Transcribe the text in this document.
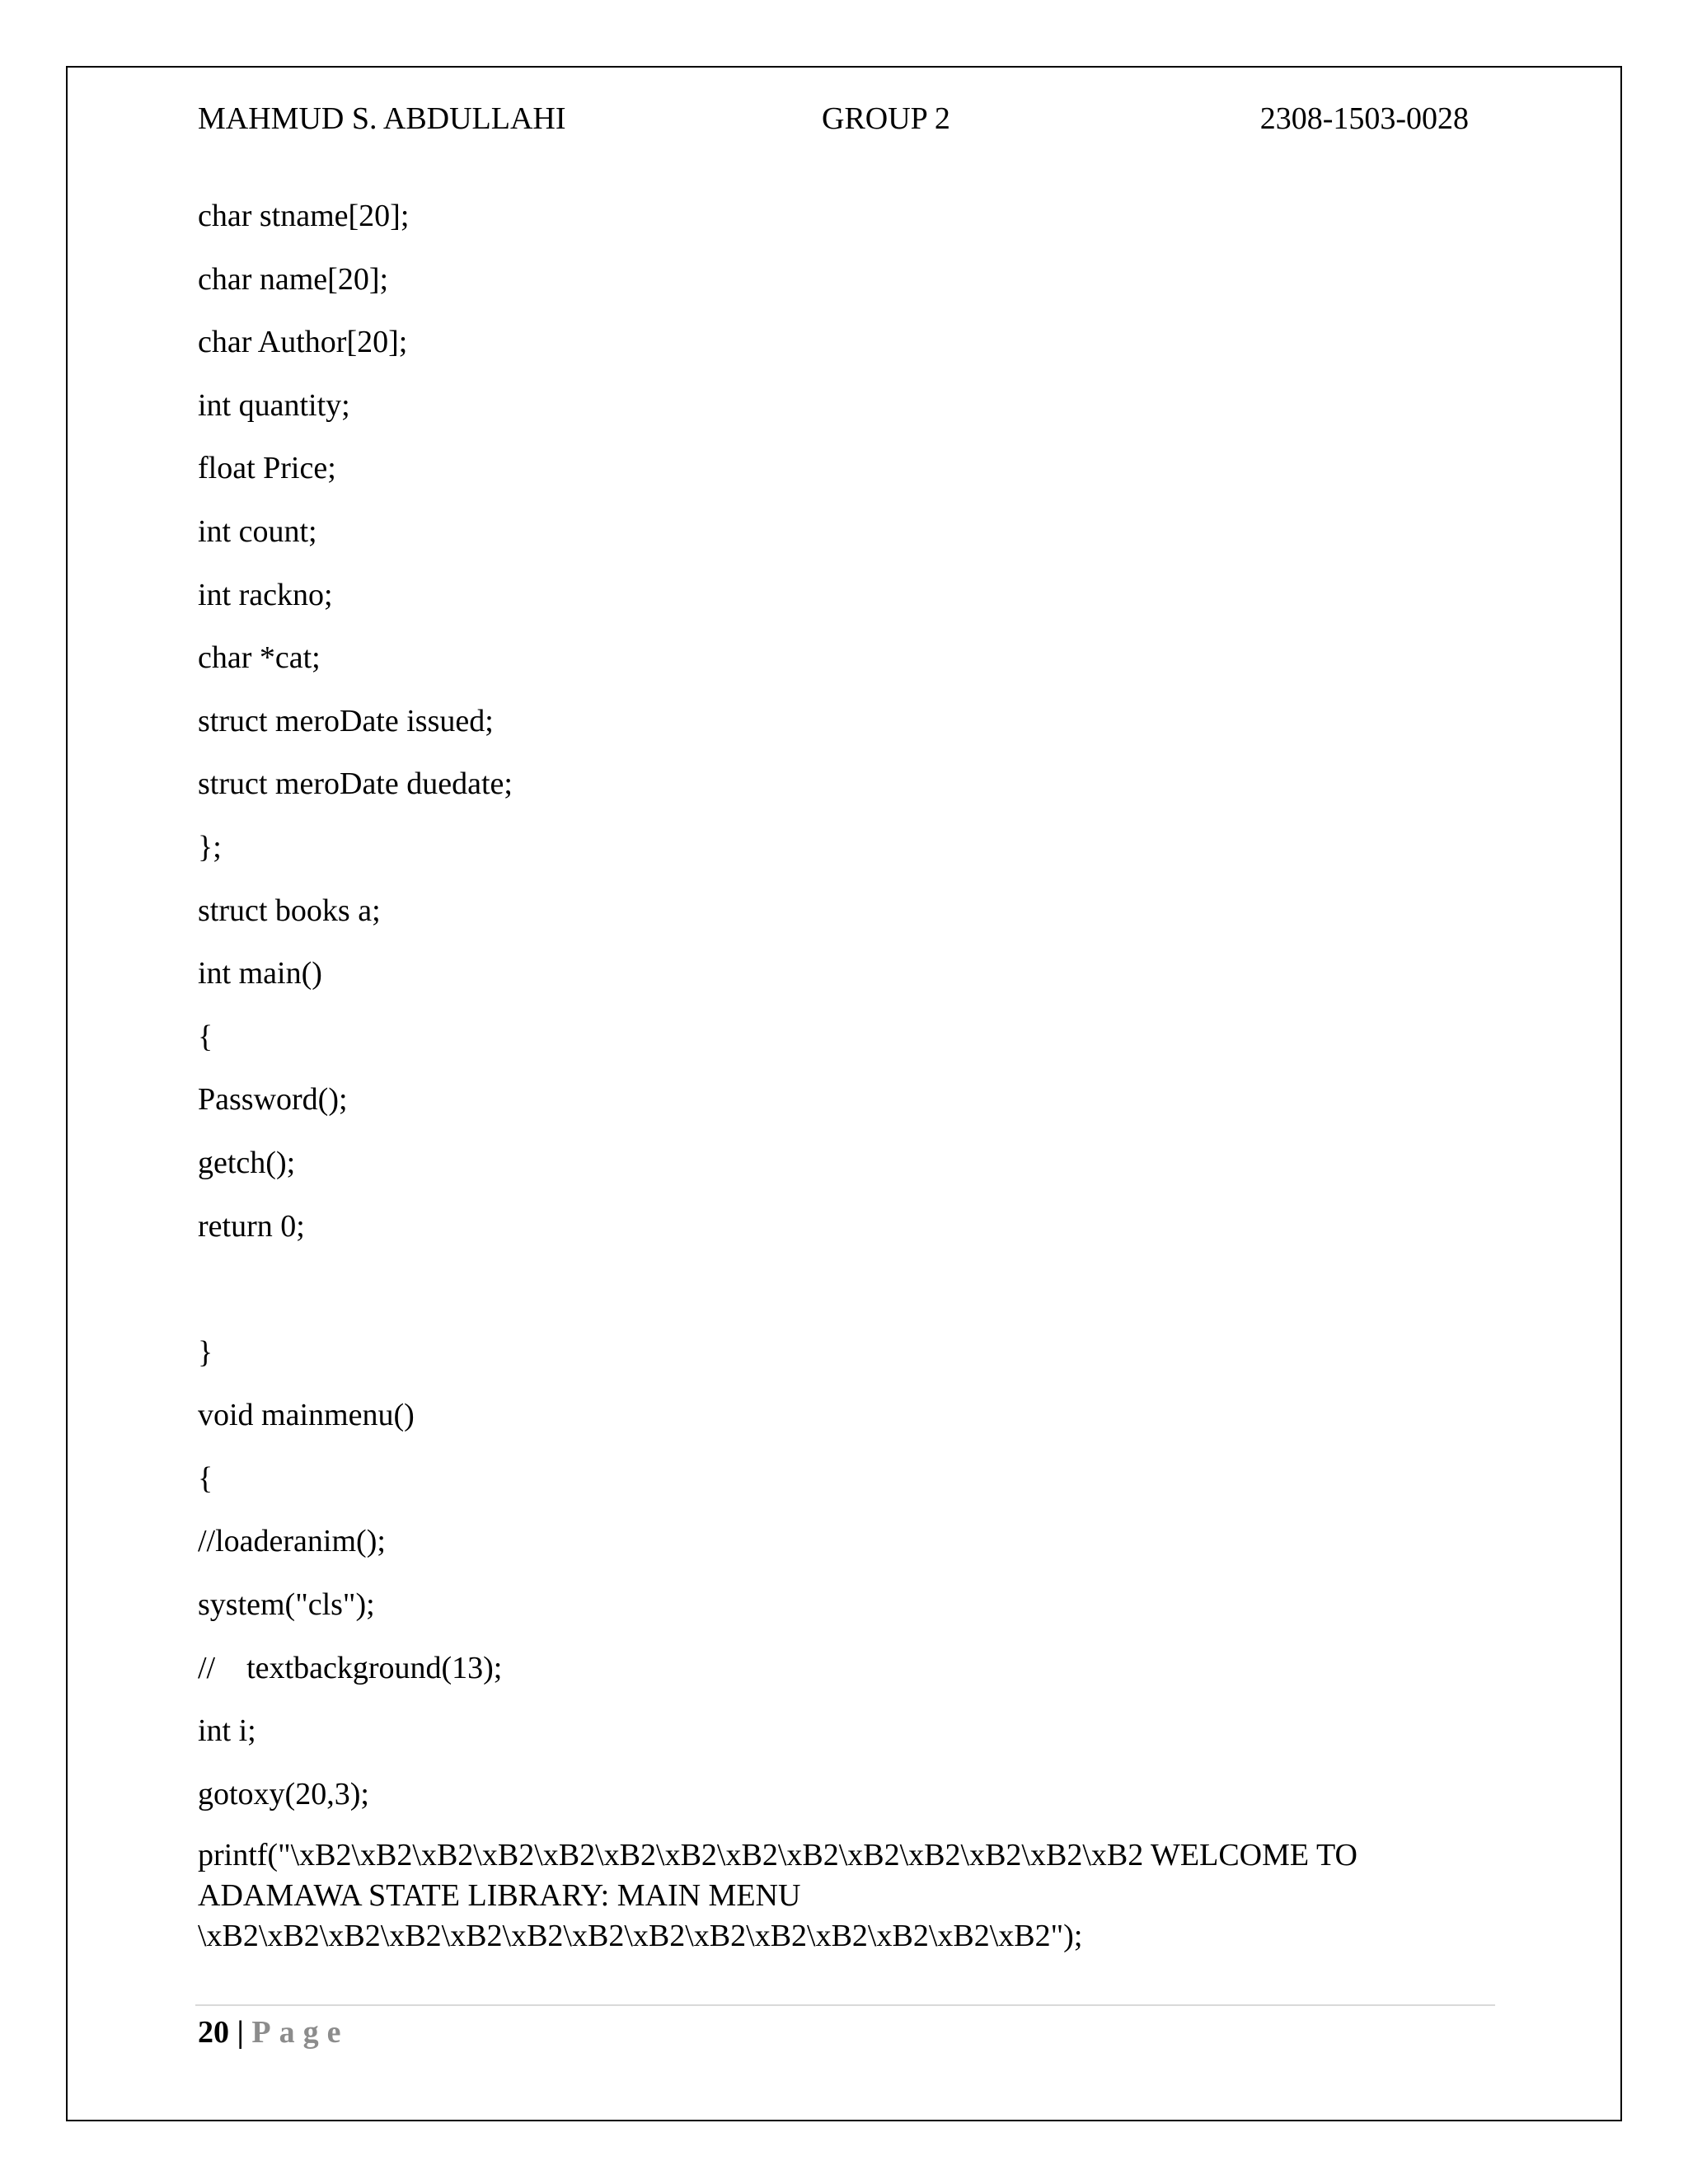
MAHMUD S. ABDULLAHI	GROUP 2	2308-1503-0028
char stname[20];
char name[20];
char Author[20];
int quantity;
float Price;
int count;
int rackno;
char *cat;
struct meroDate issued;
struct meroDate duedate;
};
struct books a;
int main()
{
Password();
getch();
return 0;
}
void mainmenu()
{
//loaderanim();
system("cls");
//    textbackground(13);
int i;
gotoxy(20,3);
printf("\xB2\xB2\xB2\xB2\xB2\xB2\xB2\xB2\xB2\xB2\xB2\xB2\xB2\xB2 WELCOME TO
ADAMAWA STATE LIBRARY: MAIN MENU
\xB2\xB2\xB2\xB2\xB2\xB2\xB2\xB2\xB2\xB2\xB2\xB2\xB2\xB2");
20 | Page
